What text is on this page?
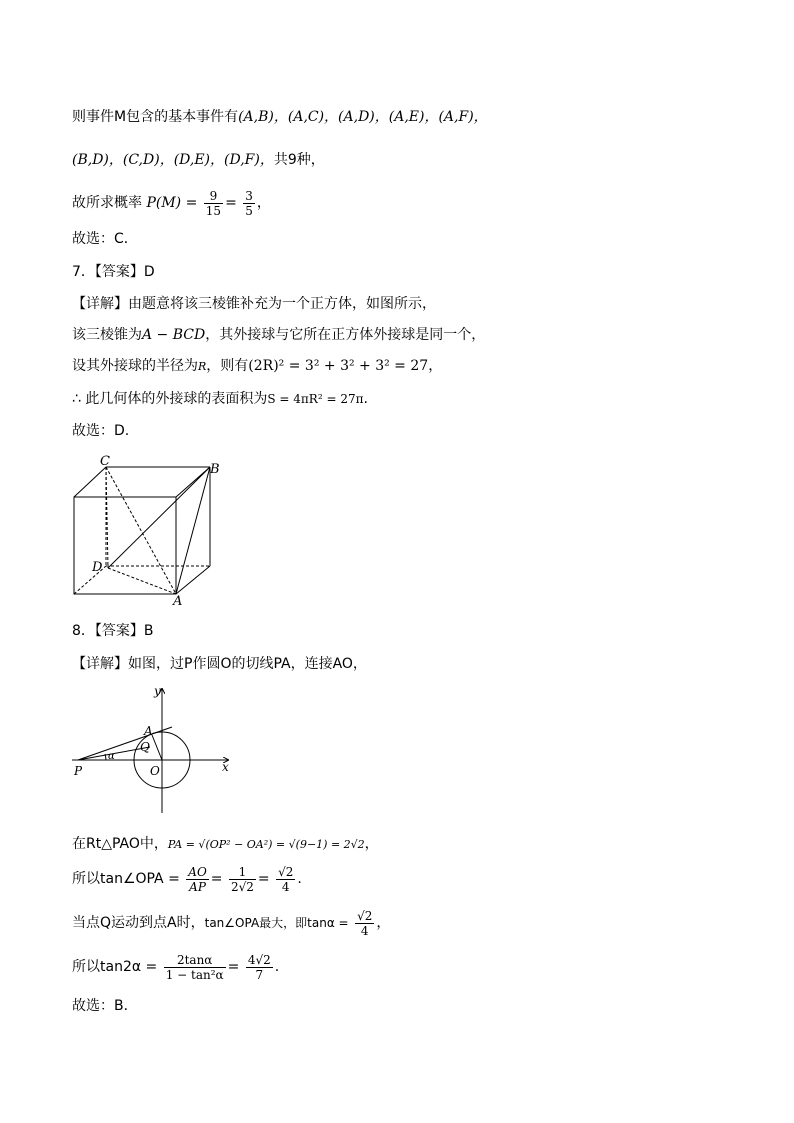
则事件M包含的基本事件有(A,B)，(A,C)，(A,D)，(A,E)，(A,F)，
(B,D)，(C,D)，(D,E)，(D,F)，共9种，
故所求概率 $P(M) = \frac{9}{15} = \frac{3}{5}$ ，
故选：C．
7．【答案】D
【详解】由题意将该三棱锥补充为一个正方体，如图所示，
该三棱锥为A − BCD，其外接球与它所在正方体外接球是同一个，
设其外接球的半径为R，则有(2R)² = 3² + 3² + 3² = 27，
∴ 此几何体的外接球的表面积为S = 4πR² = 27π.
故选：D.
C
B
D
A
8．【答案】B
【详解】如图，过P作圆O的切线PA，连接AO，
y
x
A
Q
P	O
α
在Rt△PAO中，PA = √(OP² − OA²) = √(9−1) = 2√2，
所以tan∠OPA = $\frac{AO}{AP} = \frac{1}{2√2} = \frac{√2}{4}$ .
当点Q运动到点A时，tan∠OPA最大，即$\tan\alpha = \frac{√2}{4}$ ，
所以$\tan 2\alpha = \frac{2\tan\alpha}{\text{1 − tan²α}} = \frac{4√2}{7}$ .
故选：B．
